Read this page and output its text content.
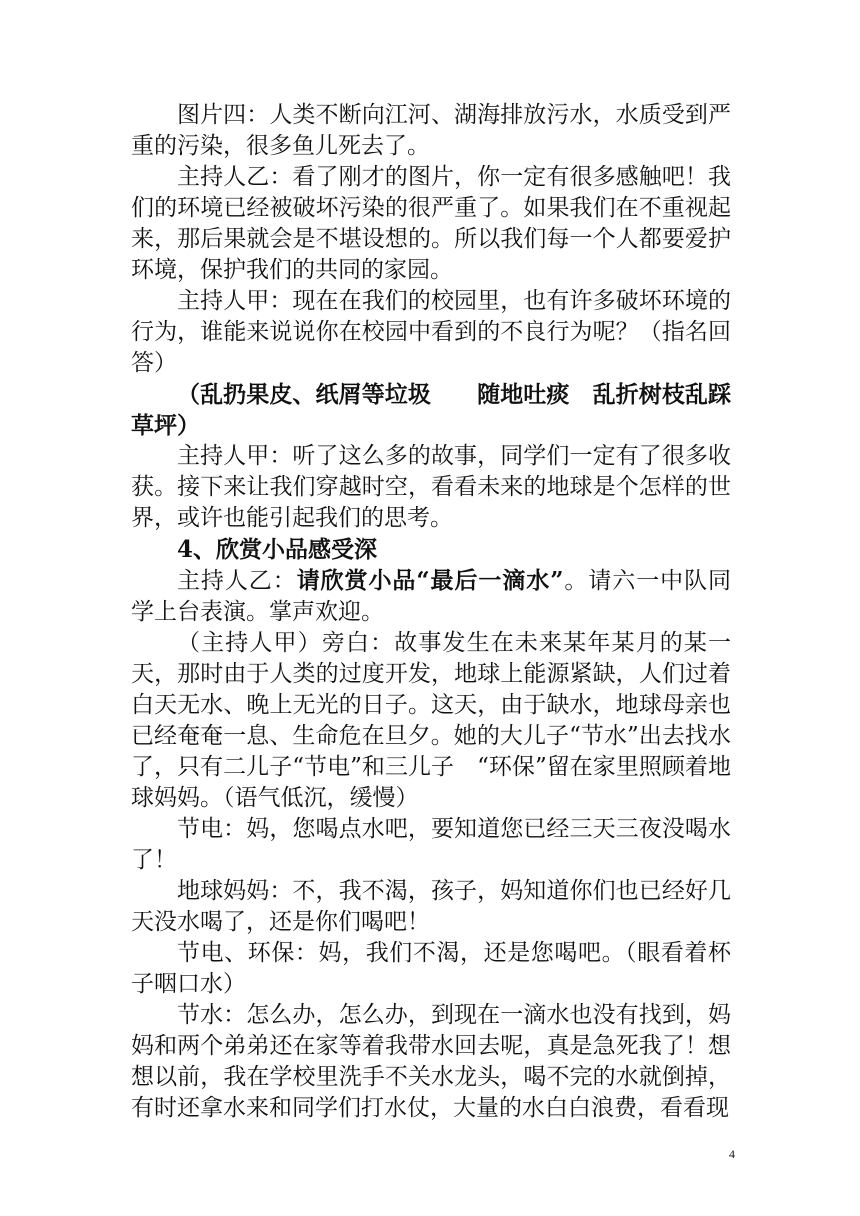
图片四：人类不断向江河、湖海排放污水，水质受到严重的污染，很多鱼儿死去了。

主持人乙：看了刚才的图片，你一定有很多感触吧！我们的环境已经被破坏污染的很严重了。如果我们在不重视起来，那后果就会是不堪设想的。所以我们每一个人都要爱护环境，保护我们的共同的家园。

主持人甲：现在在我们的校园里，也有许多破坏环境的行为，谁能来说说你在校园中看到的不良行为呢？（指名回答）

（乱扔果皮、纸屑等垃圾　　随地吐痰　乱折树枝乱踩草坪）

主持人甲：听了这么多的故事，同学们一定有了很多收获。接下来让我们穿越时空，看看未来的地球是个怎样的世界，或许也能引起我们的思考。

4、欣赏小品感受深

主持人乙：请欣赏小品“最后一滴水”。请六一中队同学上台表演。掌声欢迎。

（主持人甲）旁白：故事发生在未来某年某月的某一天，那时由于人类的过度开发，地球上能源紧缺，人们过着白天无水、晚上无光的日子。这天，由于缺水，地球母亲也已经奄奄一息、生命危在旦夕。她的大儿子“节水”出去找水了，只有二儿子“节电”和三儿子　“环保”留在家里照顾着地球妈妈。（语气低沉，缓慢）

节电：妈，您喝点水吧，要知道您已经三天三夜没喝水了！

地球妈妈：不，我不渴，孩子，妈知道你们也已经好几天没水喝了，还是你们喝吧！

节电、环保：妈，我们不渴，还是您喝吧。（眼看着杯子咽口水）

节水：怎么办，怎么办，到现在一滴水也没有找到，妈妈和两个弟弟还在家等着我带水回去呢，真是急死我了！想想以前，我在学校里洗手不关水龙头，喝不完的水就倒掉，有时还拿水来和同学们打水仗，大量的水白白浪费，看看现

4
